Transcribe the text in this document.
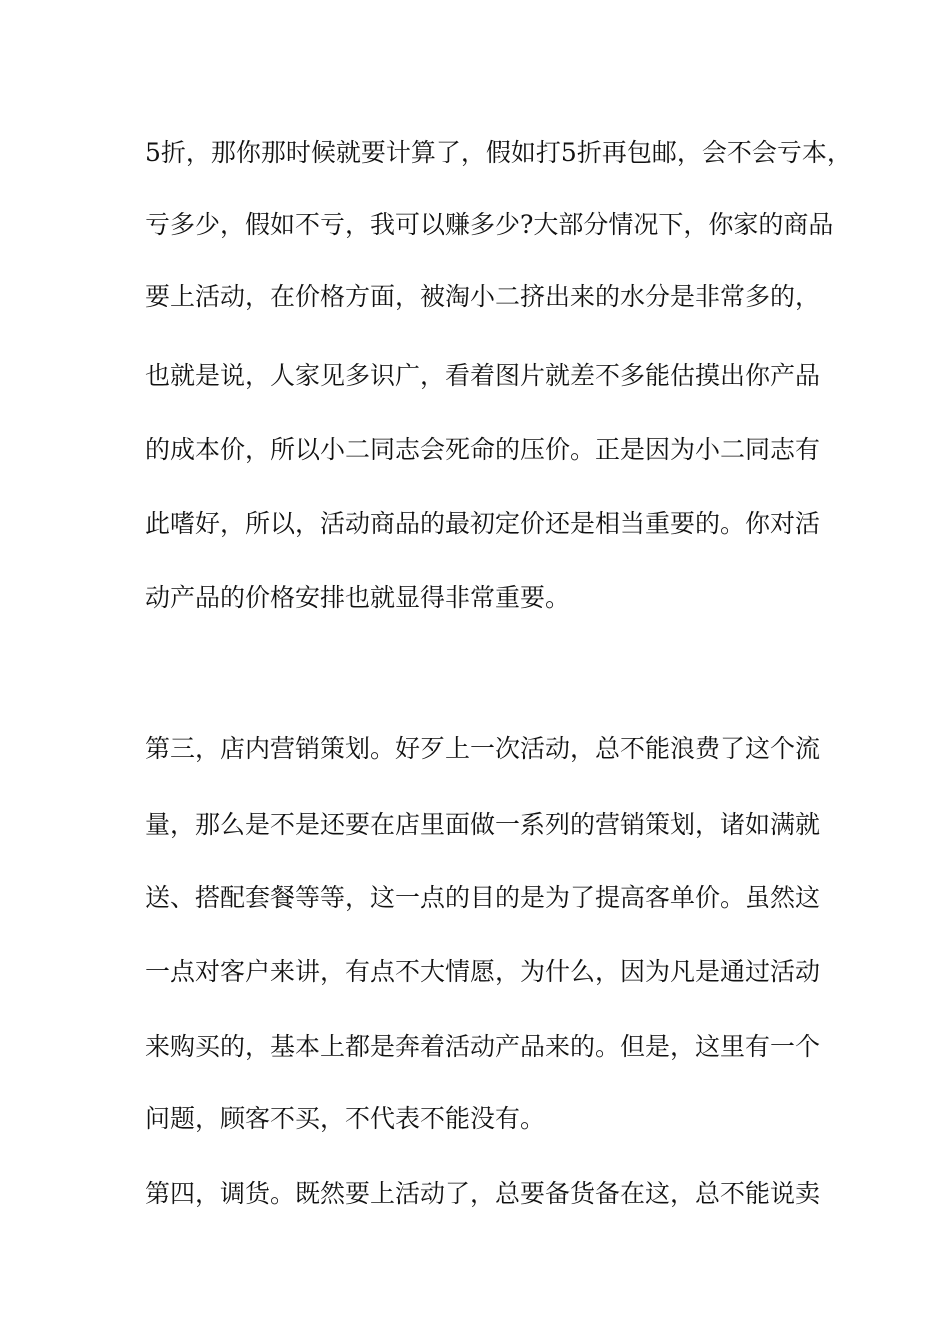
5折，那你那时候就要计算了，假如打5折再包邮，会不会亏本，
亏多少，假如不亏，我可以赚多少?大部分情况下，你家的商品
要上活动，在价格方面，被淘小二挤出来的水分是非常多的，
也就是说，人家见多识广，看着图片就差不多能估摸出你产品
的成本价，所以小二同志会死命的压价。正是因为小二同志有
此嗜好，所以，活动商品的最初定价还是相当重要的。你对活
动产品的价格安排也就显得非常重要。
第三，店内营销策划。好歹上一次活动，总不能浪费了这个流
量，那么是不是还要在店里面做一系列的营销策划，诸如满就
送、搭配套餐等等，这一点的目的是为了提高客单价。虽然这
一点对客户来讲，有点不大情愿，为什么，因为凡是通过活动
来购买的，基本上都是奔着活动产品来的。但是，这里有一个
问题，顾客不买，不代表不能没有。
第四，调货。既然要上活动了，总要备货备在这，总不能说卖
